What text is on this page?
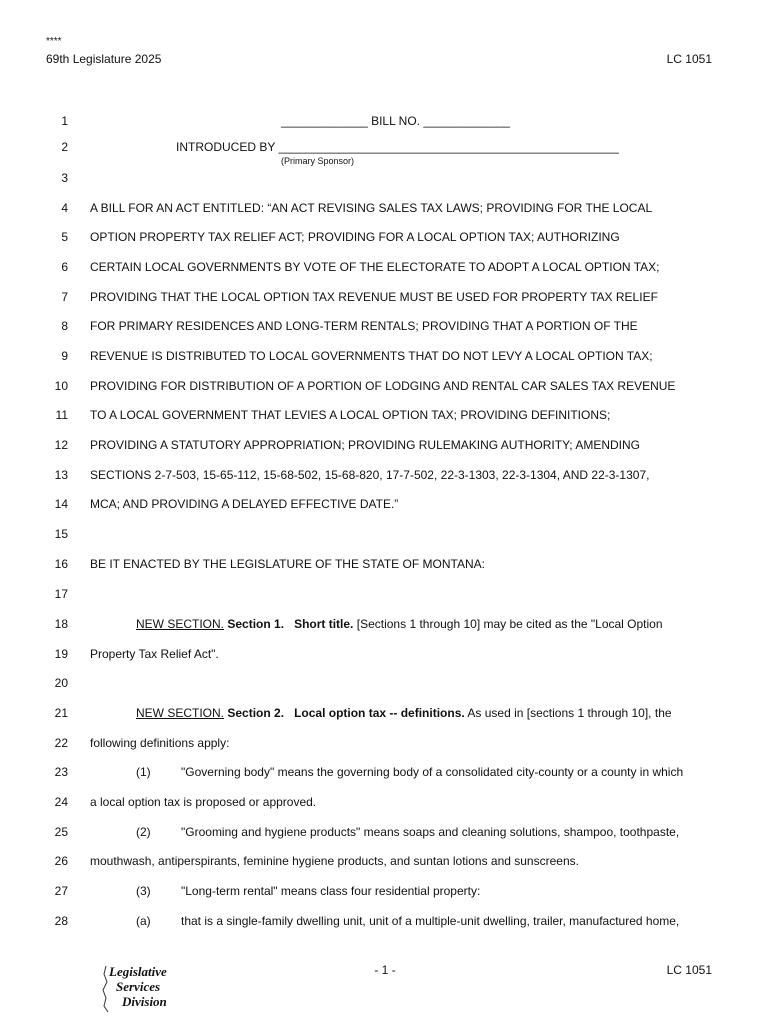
****
69th Legislature 2025	LC 1051
1
2
3
4
5
6
7
8
9
10
11
12
13
14
15
16
17
18
19
20
21
22
23
24
25
26
27
28
_____________ BILL NO. _____________
INTRODUCED BY ___________________________________________________
(Primary Sponsor)
A BILL FOR AN ACT ENTITLED: “AN ACT REVISING SALES TAX LAWS; PROVIDING FOR THE LOCAL
OPTION PROPERTY TAX RELIEF ACT; PROVIDING FOR A LOCAL OPTION TAX; AUTHORIZING
CERTAIN LOCAL GOVERNMENTS BY VOTE OF THE ELECTORATE TO ADOPT A LOCAL OPTION TAX;
PROVIDING THAT THE LOCAL OPTION TAX REVENUE MUST BE USED FOR PROPERTY TAX RELIEF
FOR PRIMARY RESIDENCES AND LONG-TERM RENTALS; PROVIDING THAT A PORTION OF THE
REVENUE IS DISTRIBUTED TO LOCAL GOVERNMENTS THAT DO NOT LEVY A LOCAL OPTION TAX;
PROVIDING FOR DISTRIBUTION OF A PORTION OF LODGING AND RENTAL CAR SALES TAX REVENUE
TO A LOCAL GOVERNMENT THAT LEVIES A LOCAL OPTION TAX; PROVIDING DEFINITIONS;
PROVIDING A STATUTORY APPROPRIATION; PROVIDING RULEMAKING AUTHORITY; AMENDING
SECTIONS 2-7-503, 15-65-112, 15-68-502, 15-68-820, 17-7-502, 22-3-1303, 22-3-1304, AND 22-3-1307,
MCA; AND PROVIDING A DELAYED EFFECTIVE DATE.”
BE IT ENACTED BY THE LEGISLATURE OF THE STATE OF MONTANA:
NEW SECTION. Section 1. Short title. [Sections 1 through 10] may be cited as the "Local Option
Property Tax Relief Act".
NEW SECTION. Section 2. Local option tax -- definitions. As used in [sections 1 through 10], the
following definitions apply:
(1)	"Governing body" means the governing body of a consolidated city-county or a county in which
a local option tax is proposed or approved.
(2)	"Grooming and hygiene products" means soaps and cleaning solutions, shampoo, toothpaste,
mouthwash, antiperspirants, feminine hygiene products, and suntan lotions and sunscreens.
(3)	"Long-term rental" means class four residential property:
(a)	that is a single-family dwelling unit, unit of a multiple-unit dwelling, trailer, manufactured home,
Legislative
Services
Division
- 1 -	LC 1051
